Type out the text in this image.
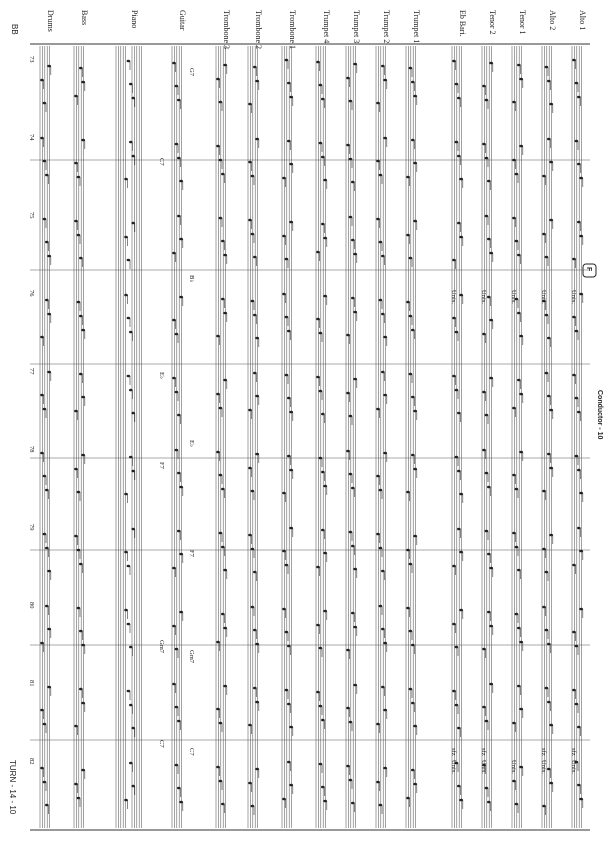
BB
TURN - 14 - 10
Conductor - 10
F
Alto 1
Alto 2
Tenor 1
Tenor 2
Eb Bari.
Trumpet 1
Trumpet 2
Trumpet 3
Trumpet 4
Trombone 1
Trombone 2
Trombone 3
Guitar
Piano
Bass
Drums
73
74
75
76
77
78
79
80
81
82
G7
C7
B♭
E♭
E♭
F7
F7
Gm7
Gm7
C7
C7
Unis.
Unis.
Unis.
Unis.
Unis.
Unis.
Unis.
Unis.
Unis.
Unis.
sfz
sfz
sfz
sfz
